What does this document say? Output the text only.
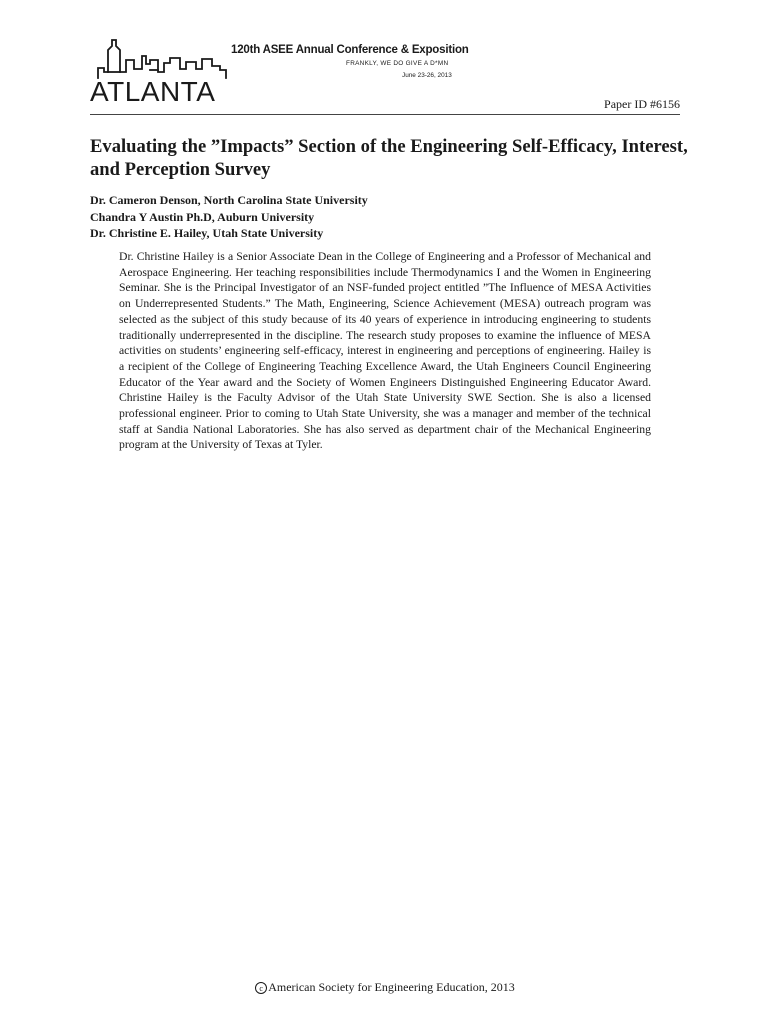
120th ASEE Annual Conference & Exposition
FRANKLY, WE DO GIVE A D*MN
June 23-26, 2013
ATLANTA	Paper ID #6156
Evaluating the ”Impacts” Section of the Engineering Self-Efficacy, Interest, and Perception Survey
Dr. Cameron Denson, North Carolina State University
Chandra Y Austin Ph.D, Auburn University
Dr. Christine E. Hailey, Utah State University

Dr. Christine Hailey is a Senior Associate Dean in the College of Engineering and a Professor of Mechanical and Aerospace Engineering. Her teaching responsibilities include Thermodynamics I and the Women in Engineering Seminar. She is the Principal Investigator of an NSF-funded project entitled ”The Influence of MESA Activities on Underrepresented Students.” The Math, Engineering, Science Achievement (MESA) outreach program was selected as the subject of this study because of its 40 years of experience in introducing engineering to students traditionally underrepresented in the discipline. The research study proposes to examine the influence of MESA activities on students’ engineering self-efficacy, interest in engineering and perceptions of engineering. Hailey is a recipient of the College of Engineering Teaching Excellence Award, the Utah Engineers Council Engineering Educator of the Year award and the Society of Women Engineers Distinguished Engineering Educator Award. Christine Hailey is the Faculty Advisor of the Utah State University SWE Section. She is also a licensed professional engineer. Prior to coming to Utah State University, she was a manager and member of the technical staff at Sandia National Laboratories. She has also served as department chair of the Mechanical Engineering program at the University of Texas at Tyler.

c American Society for Engineering Education, 2013
